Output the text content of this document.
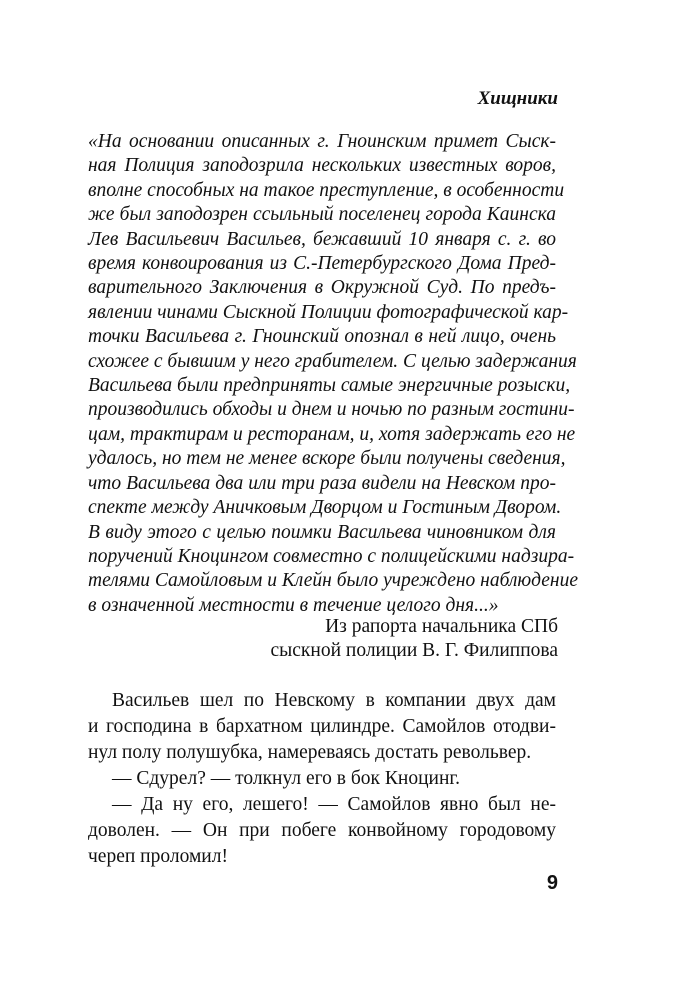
Хищники
«На основании описанных г. Гноинским примет Сыск-
ная Полиция заподозрила нескольких известных воров,
вполне способных на такое преступление, в особенности
же был заподозрен ссыльный поселенец города Каинска
Лев Васильевич Васильев, бежавший 10 января с. г. во
время конвоирования из С.-Петербургского Дома Пред-
варительного Заключения в Окружной Суд. По предъ-
явлении чинами Сыскной Полиции фотографической кар-
точки Васильева г. Гноинский опознал в ней лицо, очень
схожее с бывшим у него грабителем. С целью задержания
Васильева были предприняты самые энергичные розыски,
производились обходы и днем и ночью по разным гостини-
цам, трактирам и ресторанам, и, хотя задержать его не
удалось, но тем не менее вскоре были получены сведения,
что Васильева два или три раза видели на Невском про-
спекте между Аничковым Дворцом и Гостиным Двором.
В виду этого с целью поимки Васильева чиновником для
поручений Кноцингом совместно с полицейскими надзира-
телями Самойловым и Клейн было учреждено наблюдение
в означенной местности в течение целого дня...»
Из рапорта начальника СПб
сыскной полиции В. Г. Филиппова
Васильев шел по Невскому в компании двух дам
и господина в бархатном цилиндре. Самойлов отодви-
нул полу полушубка, намереваясь достать револьвер.
— Сдурел? — толкнул его в бок Кноцинг.
— Да ну его, лешего! — Самойлов явно был не-
доволен. — Он при побеге конвойному городовому
череп проломил!
9
